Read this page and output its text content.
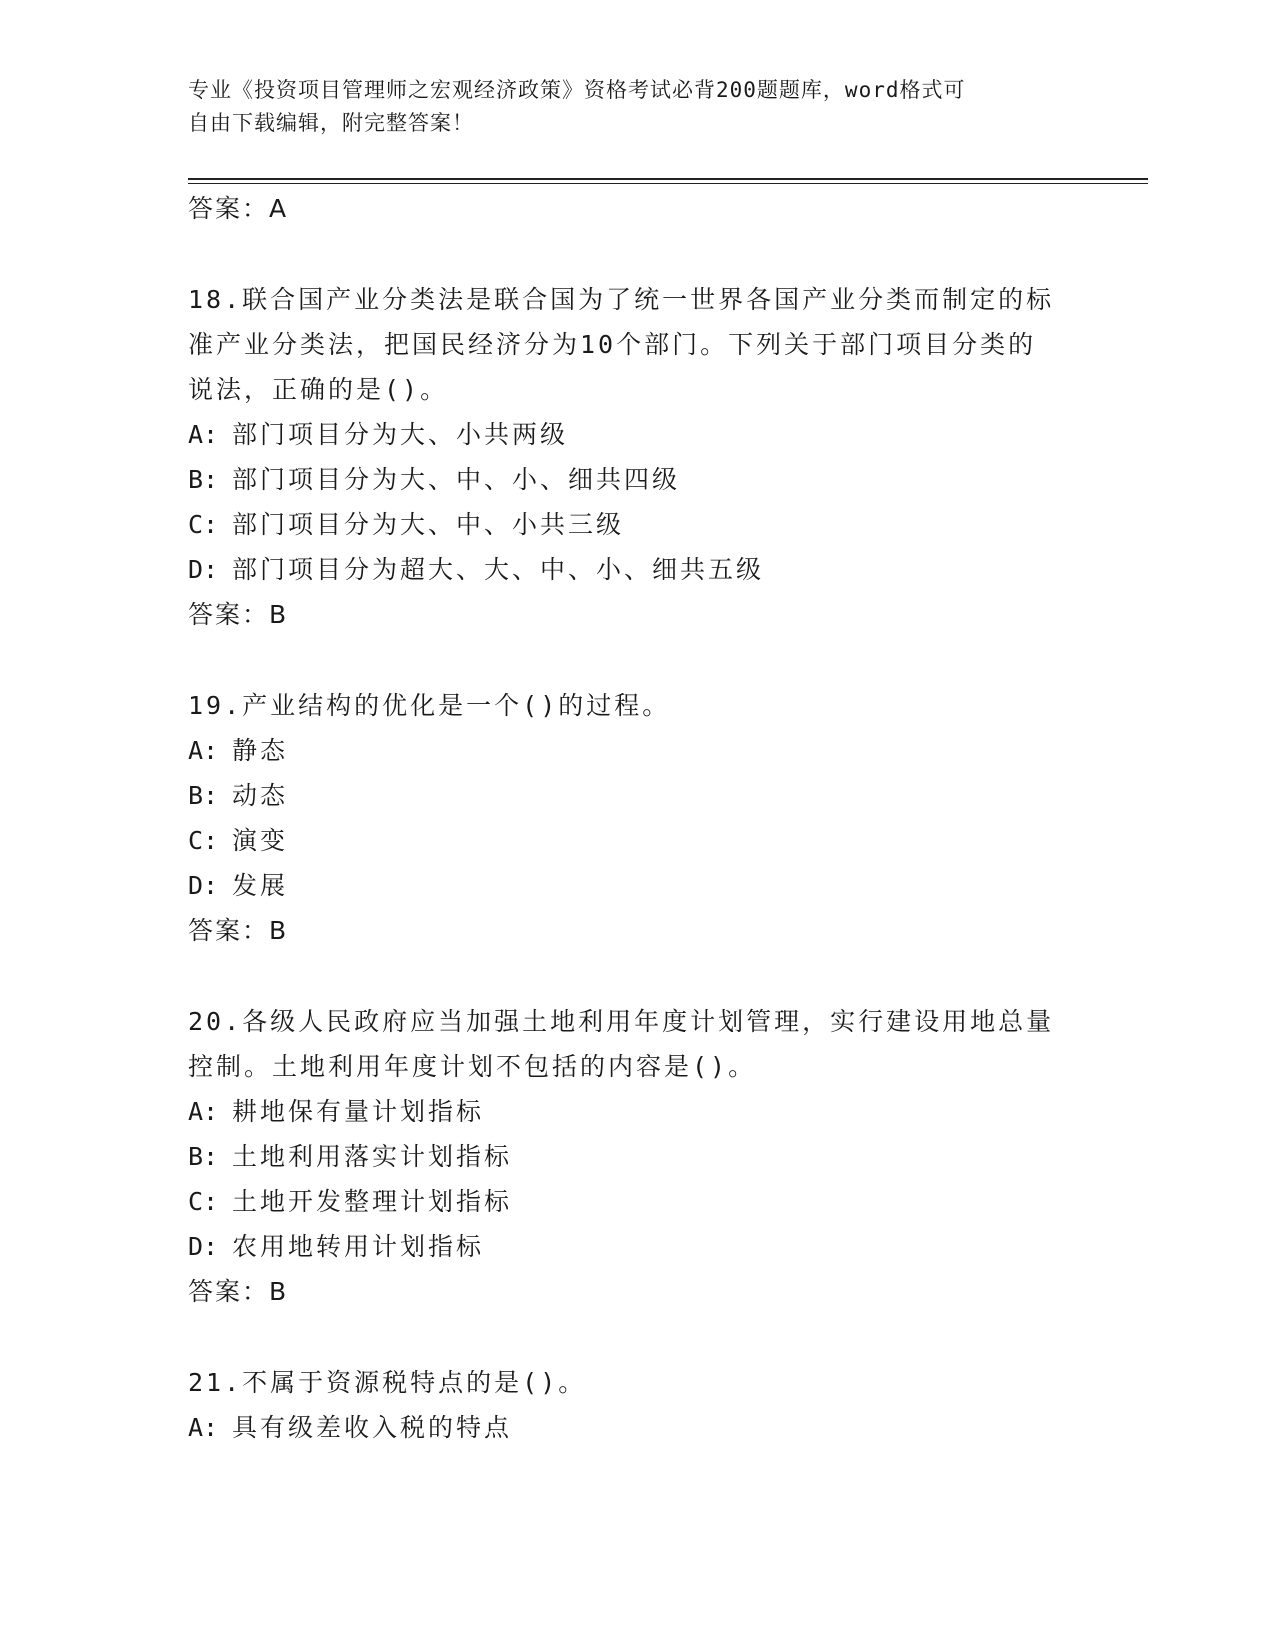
专业《投资项目管理师之宏观经济政策》资格考试必背200题题库，word格式可
自由下载编辑，附完整答案！
答案：A
18.联合国产业分类法是联合国为了统一世界各国产业分类而制定的标
准产业分类法，把国民经济分为10个部门。下列关于部门项目分类的
说法，正确的是()。
A: 部门项目分为大、小共两级
B: 部门项目分为大、中、小、细共四级
C: 部门项目分为大、中、小共三级
D: 部门项目分为超大、大、中、小、细共五级
答案：B
19.产业结构的优化是一个()的过程。
A: 静态
B: 动态
C: 演变
D: 发展
答案：B
20.各级人民政府应当加强土地利用年度计划管理，实行建设用地总量
控制。土地利用年度计划不包括的内容是()。
A: 耕地保有量计划指标
B: 土地利用落实计划指标
C: 土地开发整理计划指标
D: 农用地转用计划指标
答案：B
21.不属于资源税特点的是()。
A: 具有级差收入税的特点
